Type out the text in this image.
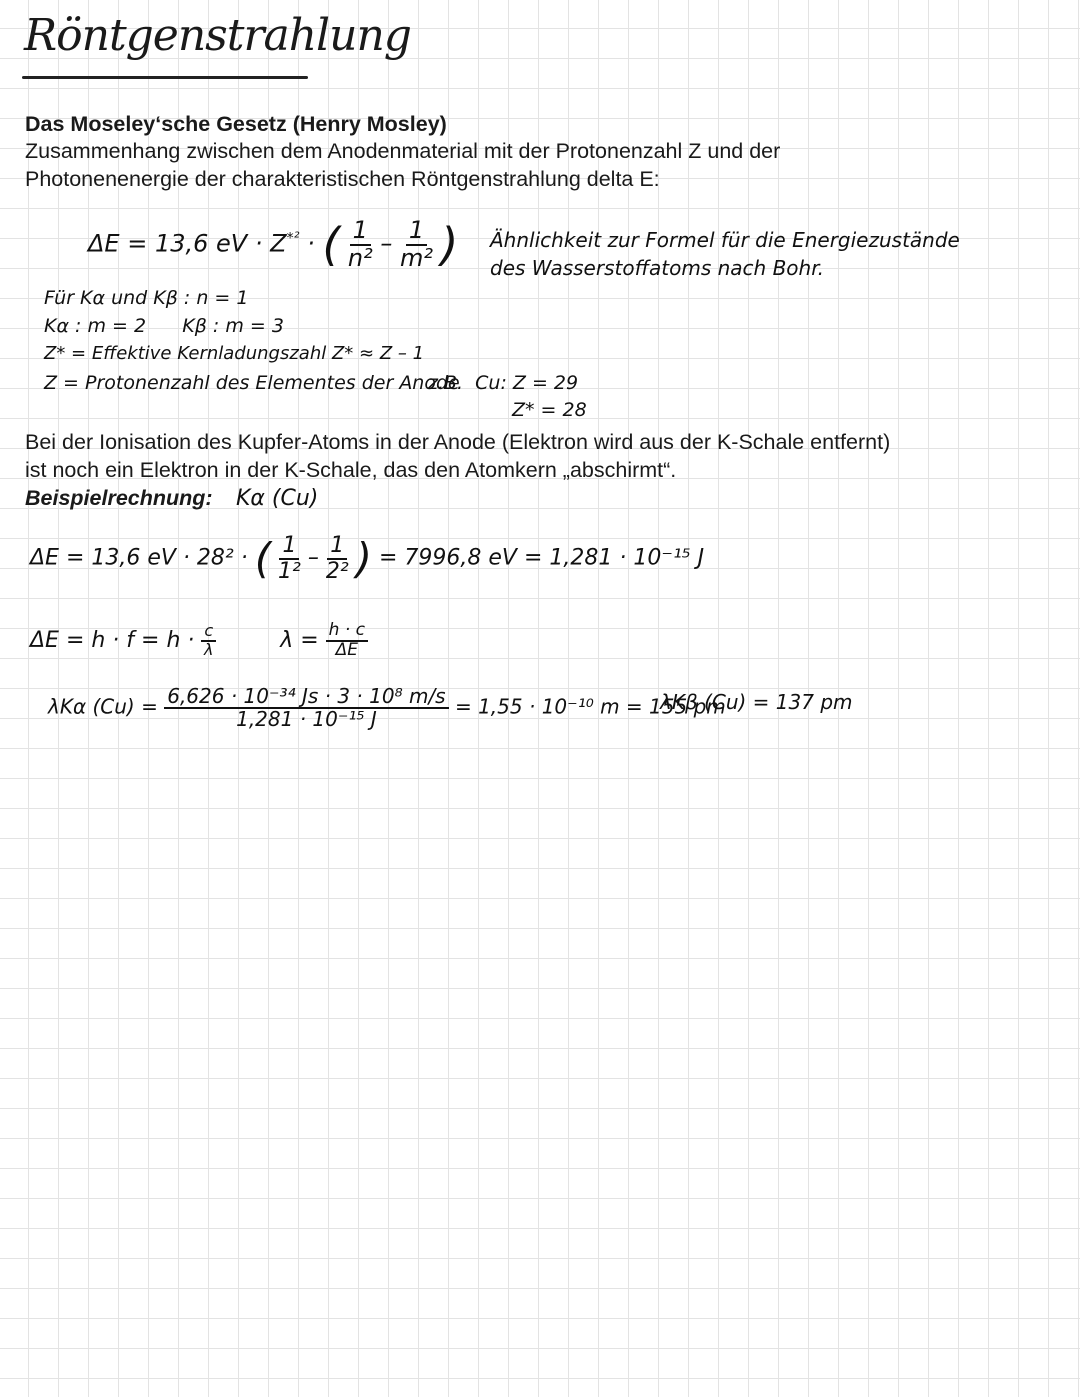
Röntgenstrahlung
Das Moseley‘sche Gesetz (Henry Mosley)
Zusammenhang zwischen dem Anodenmaterial mit der Protonenzahl Z und der
Photonenenergie der charakteristischen Röntgenstrahlung delta E:
ΔE = 13,6 eV · $Z^{*^2}$ · ( $\frac{1}{\text{n²}} - \frac{1}{\text{m²}}$ ) Ähnlichkeit zur Formel für die Energiezustände
des Wasserstoffatoms nach Bohr.
Für Kα und Kβ : n = 1
Kα : m = 2      Kβ : m = 3
Z* = Effektive Kernladungszahl Z* ≈ Z – 1
Z = Protonenzahl des Elementes der Anode
z.B.  Cu: Z = 29
Z* = 28
Bei der Ionisation des Kupfer-Atoms in der Anode (Elektron wird aus der K-Schale entfernt)
ist noch ein Elektron in der K-Schale, das den Atomkern „abschirmt“.
Beispielrechnung: Kα (Cu)
ΔE = 13,6 eV · 28² · ( $\frac{1}{\text{1²}} - \frac{1}{\text{2²}}$ ) = 7996,8 eV = 1,281 · 10⁻¹⁵ J
$\Delta E = h \cdot f = h \cdot \frac{c}{\lambda}$	$\lambda = \frac{h \cdot c}{\Delta E}$
λKα $(Cu) = \frac{\text{6,626 · 10⁻³⁴ Js · 3 · 10⁸ m/s}}{\text{1,281 · 10⁻¹⁵ J}} = 1,55 \cdot 10^{-10}$ m = 155 pm
λKβ (Cu) = 137 pm
